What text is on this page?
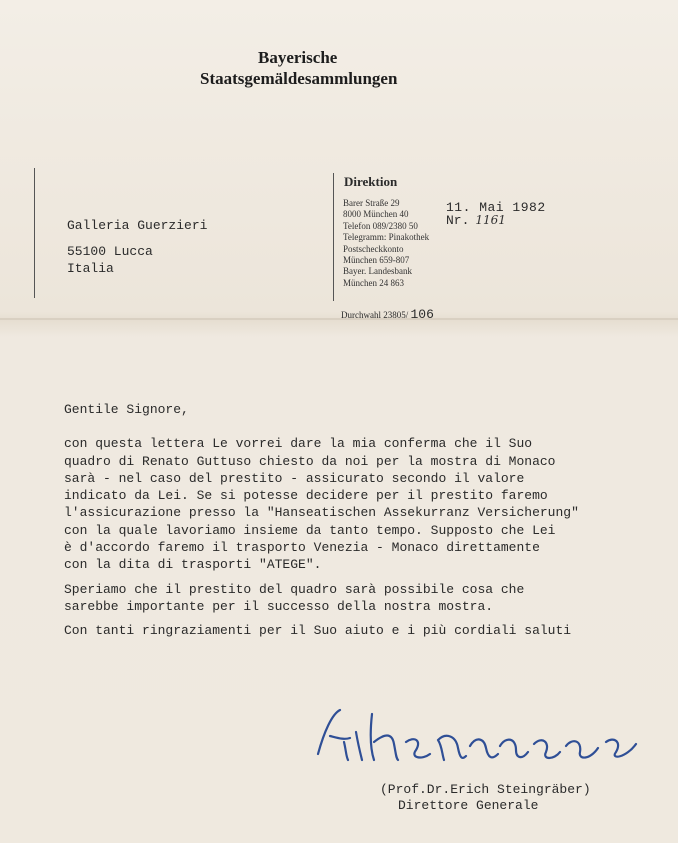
Bayerische
Staatsgemäldesammlungen
Galleria Guerzieri
55100 Lucca
Italia
Direktion
Barer Straße 29
8000 München 40
Telefon 089/2380 50
Telegramm: Pinakothek
Postscheckkonto
München 659-807
Bayer. Landesbank
München 24 863
11. Mai 1982
Nr. 1161
Durchwahl 23805/ 106

Gentile Signore,

con questa lettera Le vorrei dare la mia conferma che il Suo

quadro di Renato Guttuso chiesto da noi per la mostra di Monaco

sarà - nel caso del prestito - assicurato secondo il valore

indicato da Lei. Se si potesse decidere per il prestito faremo

l'assicurazione presso la "Hanseatischen Assekurranz Versicherung"

con la quale lavoriamo insieme da tanto tempo. Supposto che Lei

è d'accordo faremo il trasporto Venezia - Monaco direttamente

con la dita di trasporti "ATEGE".

Speriamo che il prestito del quadro sarà possibile cosa che

sarebbe importante per il successo della nostra mostra.

Con tanti ringraziamenti per il Suo aiuto e i più cordiali saluti

(Prof.Dr.Erich Steingräber)
Direttore Generale
